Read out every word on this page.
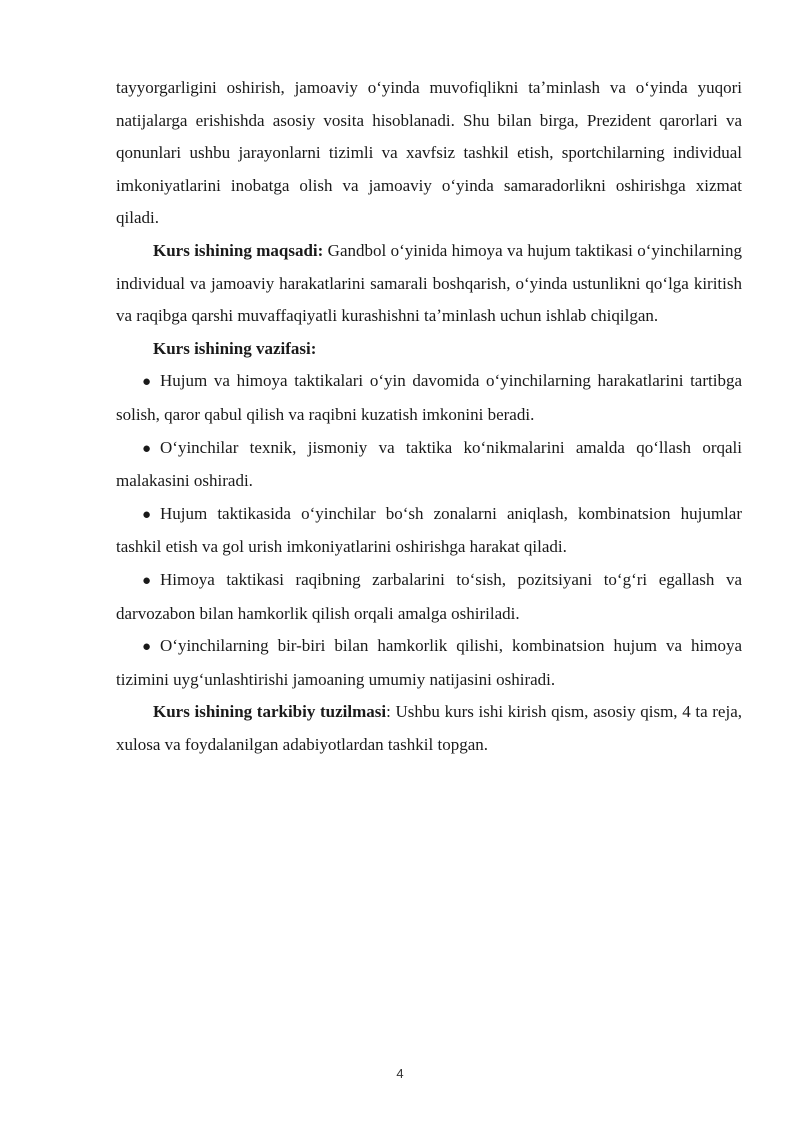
tayyorgarligini oshirish, jamoaviy oʻyinda muvofiqlikni taʼminlash va oʻyinda yuqori natijalarga erishishda asosiy vosita hisoblanadi. Shu bilan birga, Prezident qarorlari va qonunlari ushbu jarayonlarni tizimli va xavfsiz tashkil etish, sportchilarning individual imkoniyatlarini inobatga olish va jamoaviy oʻyinda samaradorlikni oshirishga xizmat qiladi.

Kurs ishining maqsadi: Gandbol oʻyinida himoya va hujum taktikasi oʻyinchilarning individual va jamoaviy harakatlarini samarali boshqarish, oʻyinda ustunlikni qoʻlga kiritish va raqibga qarshi muvaffaqiyatli kurashishni taʼminlash uchun ishlab chiqilgan.

Kurs ishining vazifasi:

● Hujum va himoya taktikalari oʻyin davomida oʻyinchilarning harakatlarini tartibga solish, qaror qabul qilish va raqibni kuzatish imkonini beradi.

● Oʻyinchilar texnik, jismoniy va taktika koʻnikmalarini amalda qoʻllash orqali malakasini oshiradi.

● Hujum taktikasida oʻyinchilar boʻsh zonalarni aniqlash, kombinatsion hujumlar tashkil etish va gol urish imkoniyatlarini oshirishga harakat qiladi.

● Himoya taktikasi raqibning zarbalarini toʻsish, pozitsiyani toʻgʻri egallash va darvozabon bilan hamkorlik qilish orqali amalga oshiriladi.

● Oʻyinchilarning bir-biri bilan hamkorlik qilishi, kombinatsion hujum va himoya tizimini uygʻunlashtirishi jamoaning umumiy natijasini oshiradi.

Kurs ishining tarkibiy tuzilmasi: Ushbu kurs ishi kirish qism, asosiy qism, 4 ta reja, xulosa va foydalanilgan adabiyotlardan tashkil topgan.

4
